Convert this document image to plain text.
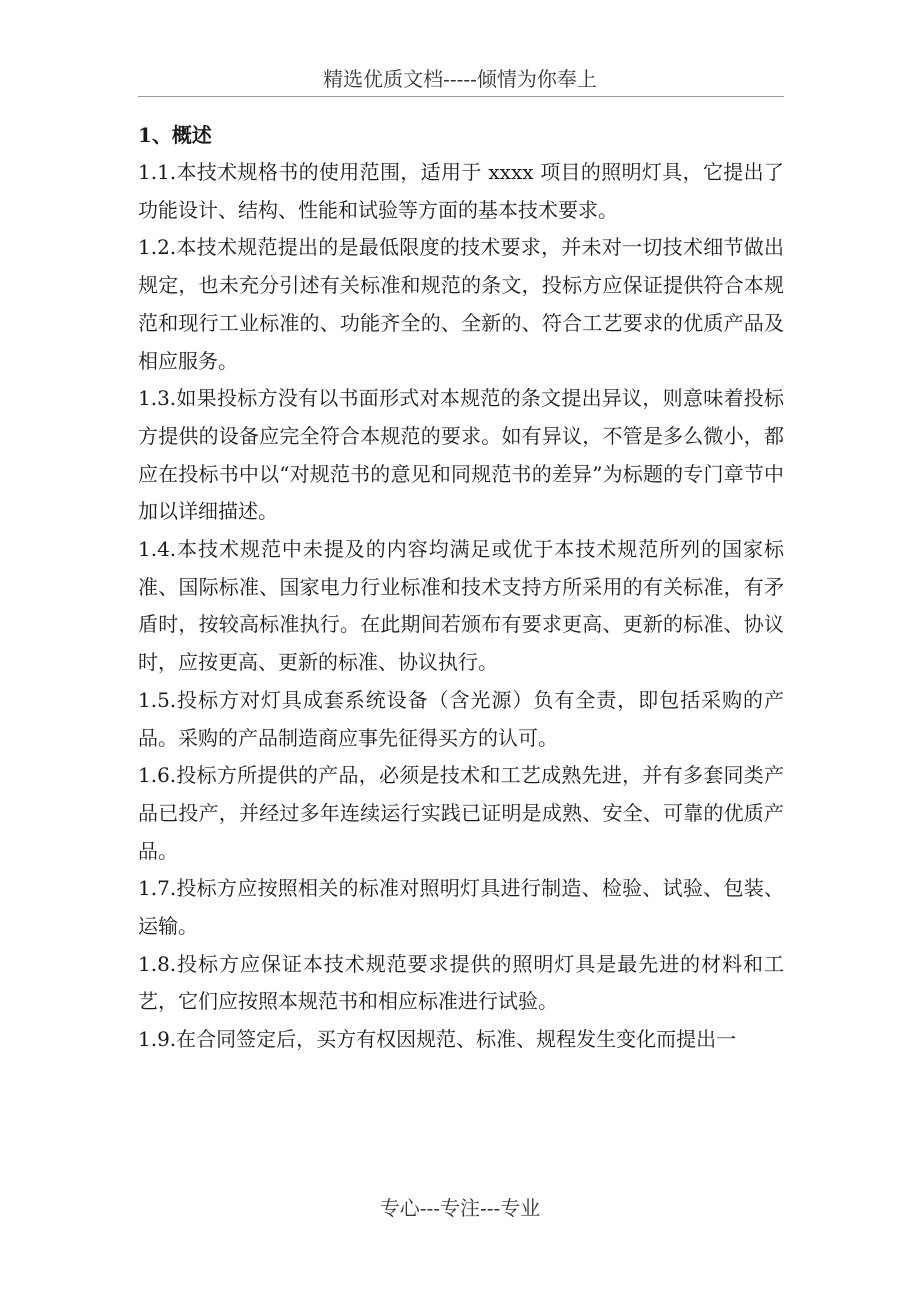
精选优质文档-----倾情为你奉上

1、概述

1.1.本技术规格书的使用范围，适用于 xxxx 项目的照明灯具，它提出了功能设计、结构、性能和试验等方面的基本技术要求。

1.2.本技术规范提出的是最低限度的技术要求，并未对一切技术细节做出规定，也未充分引述有关标准和规范的条文，投标方应保证提供符合本规范和现行工业标准的、功能齐全的、全新的、符合工艺要求的优质产品及相应服务。

1.3.如果投标方没有以书面形式对本规范的条文提出异议，则意味着投标方提供的设备应完全符合本规范的要求。如有异议，不管是多么微小，都应在投标书中以“对规范书的意见和同规范书的差异”为标题的专门章节中加以详细描述。

1.4.本技术规范中未提及的内容均满足或优于本技术规范所列的国家标准、国际标准、国家电力行业标准和技术支持方所采用的有关标准，有矛盾时，按较高标准执行。在此期间若颁布有要求更高、更新的标准、协议时，应按更高、更新的标准、协议执行。

1.5.投标方对灯具成套系统设备（含光源）负有全责，即包括采购的产品。采购的产品制造商应事先征得买方的认可。

1.6.投标方所提供的产品，必须是技术和工艺成熟先进，并有多套同类产品已投产，并经过多年连续运行实践已证明是成熟、安全、可靠的优质产品。

1.7.投标方应按照相关的标准对照明灯具进行制造、检验、试验、包装、运输。

1.8.投标方应保证本技术规范要求提供的照明灯具是最先进的材料和工艺，它们应按照本规范书和相应标准进行试验。

1.9.在合同签定后，买方有权因规范、标准、规程发生变化而提出一

专心---专注---专业
